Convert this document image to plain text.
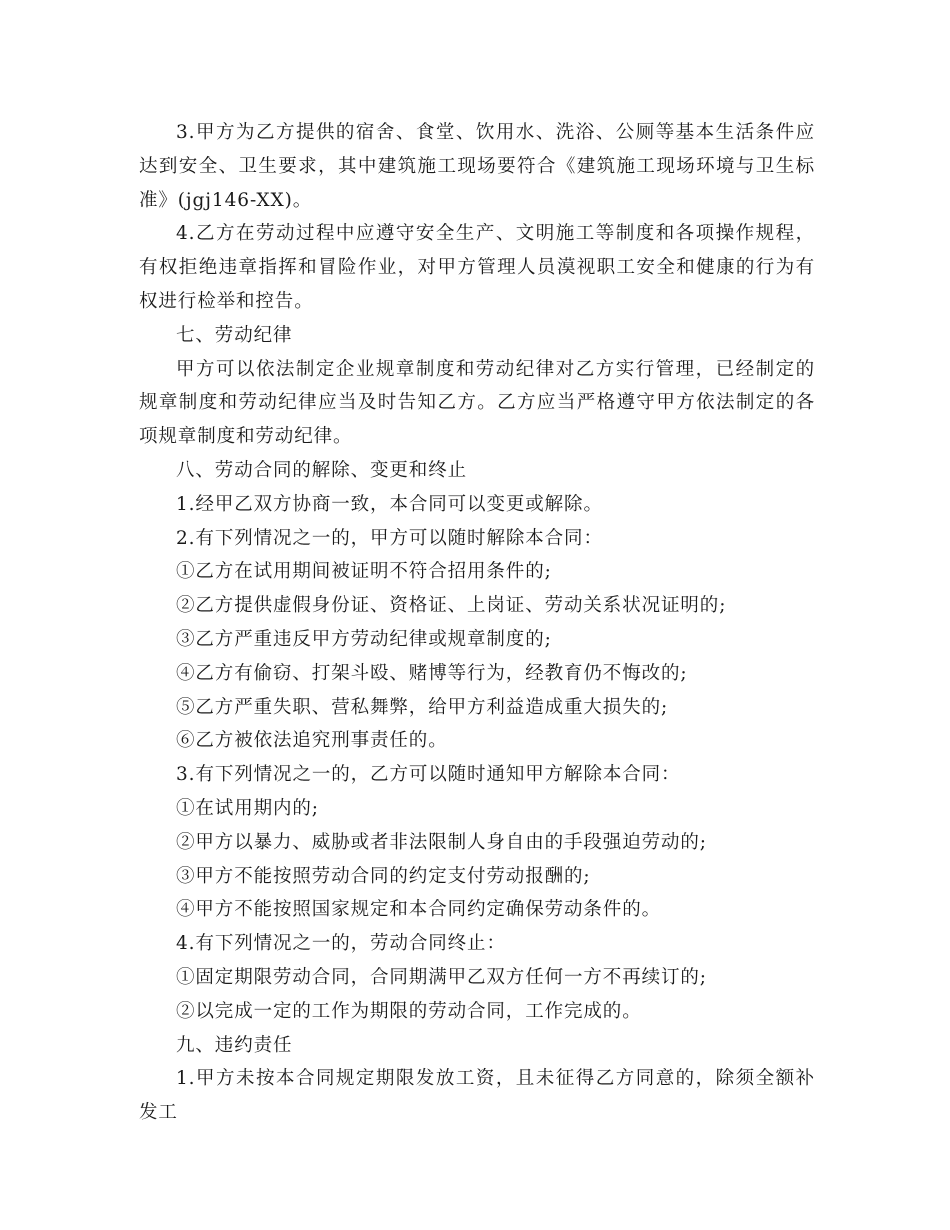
3.甲方为乙方提供的宿舍、食堂、饮用水、洗浴、公厕等基本生活条件应达到安全、卫生要求，其中建筑施工现场要符合《建筑施工现场环境与卫生标准》(jgj146-XX)。

4.乙方在劳动过程中应遵守安全生产、文明施工等制度和各项操作规程，有权拒绝违章指挥和冒险作业，对甲方管理人员漠视职工安全和健康的行为有权进行检举和控告。

七、劳动纪律

甲方可以依法制定企业规章制度和劳动纪律对乙方实行管理，已经制定的规章制度和劳动纪律应当及时告知乙方。乙方应当严格遵守甲方依法制定的各项规章制度和劳动纪律。

八、劳动合同的解除、变更和终止

1.经甲乙双方协商一致，本合同可以变更或解除。

2.有下列情况之一的，甲方可以随时解除本合同：

①乙方在试用期间被证明不符合招用条件的;

②乙方提供虚假身份证、资格证、上岗证、劳动关系状况证明的;

③乙方严重违反甲方劳动纪律或规章制度的;

④乙方有偷窃、打架斗殴、赌博等行为，经教育仍不悔改的;

⑤乙方严重失职、营私舞弊，给甲方利益造成重大损失的;

⑥乙方被依法追究刑事责任的。

3.有下列情况之一的，乙方可以随时通知甲方解除本合同：

①在试用期内的;

②甲方以暴力、威胁或者非法限制人身自由的手段强迫劳动的;

③甲方不能按照劳动合同的约定支付劳动报酬的;

④甲方不能按照国家规定和本合同约定确保劳动条件的。

4.有下列情况之一的，劳动合同终止：

①固定期限劳动合同，合同期满甲乙双方任何一方不再续订的;

②以完成一定的工作为期限的劳动合同，工作完成的。

九、违约责任

1.甲方未按本合同规定期限发放工资，且未征得乙方同意的，除须全额补发工
